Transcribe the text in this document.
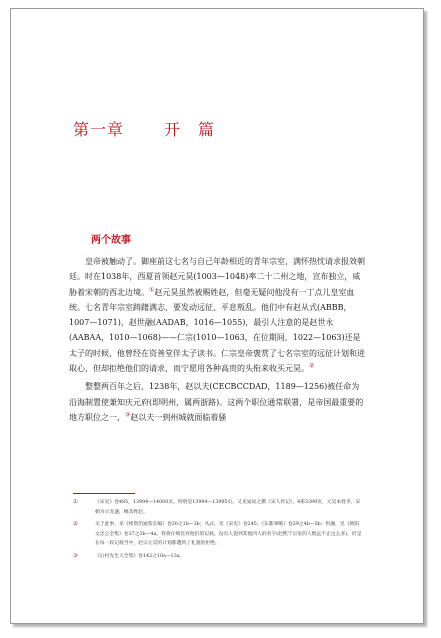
第一章	开　篇
两个故事

皇帝被触动了。御座前这七名与自己年龄相近的青年宗室，满怀热忱请求报效朝廷。时在1038年，西夏首领赵元昊(1003—1048)率二十二州之地，宣布独立，威胁着宋朝的西北边境。①赵元昊虽然被赐姓赵，但毫无疑问他没有一丁点儿皇室血统。七名青年宗室踌躇满志，要发动远征、平息叛乱。他们中有赵从式(ABBB，1007—1071)，赵世融(AADAB，1016—1055)，最引人注意的是赵世永(AABAA，1010—1068)——仁宗(1010—1063，在位期间，1022—1063)还是太子的时候，他曾经在资善堂伴太子读书。仁宗皇帝褒赏了七名宗室的远征计划和进取心，但却拒绝他们的请求，而宁愿用各种高贵的头衔来收买元昊。②

整整两百年之后，1238年，赵以夫(CECBCCDAD，1189—1256)被任命为沿海制置使兼知庆元府(即明州，属两浙路)。这两个职位通常联署，是帝国最重要的地方职位之一，③赵以夫一到州城就面临着骚

①	《宋史》卷485，13994—14000页。特别是13994—13995页。又见晁说之撰《宋人传记》，4册3399页，元昊本姓李，宋朝为示宠遇，赐其姓赵。
②	关于此事，见《续资治通鉴长编》卷20之1b—3b；从式，见《宋史》卷245；《东都事略》卷29之4b—5b；世融，见《欧阳文忠公全集》卷37之3b—4a。我将仔细比对他们的记载。没有人提到其他四人的名字(赵熙宁宗室的人数远不止这么多)，但是在每一段记载当中，赵宗元昊的计划都遭到了礼貌的拒绝。
③	《后村先生大全集》卷142之10a—13a。
